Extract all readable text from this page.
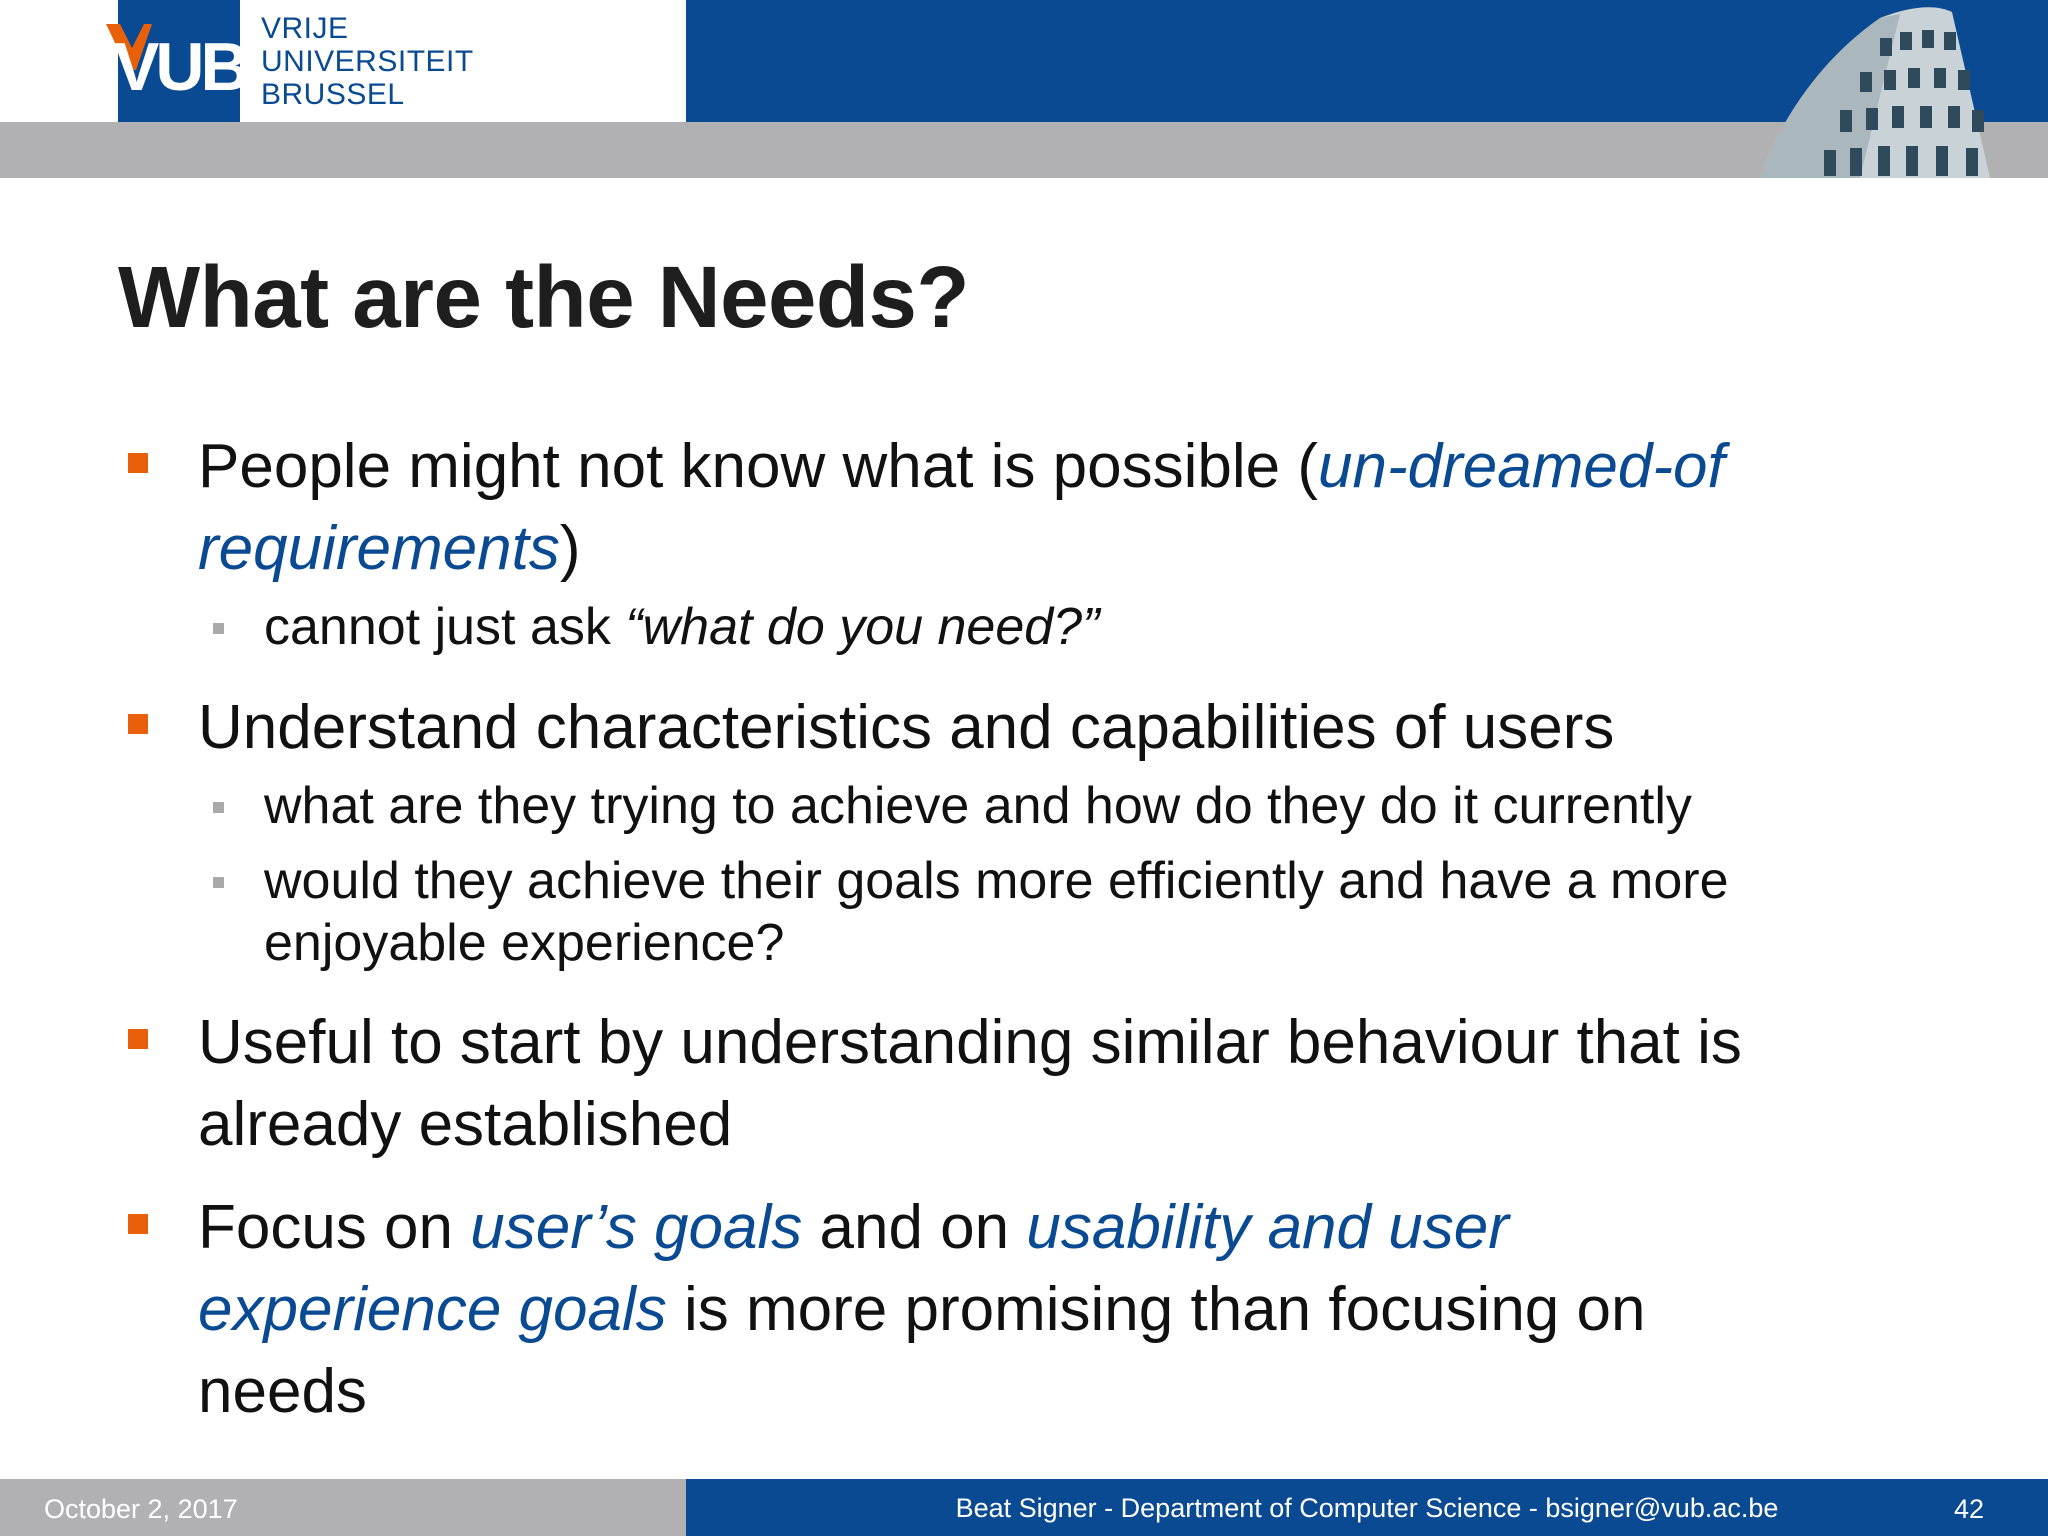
VUB
VRIJE
UNIVERSITEIT
BRUSSEL
What are the Needs?
People might not know what is possible (un-dreamed-of
requirements)
cannot just ask “what do you need?”
Understand characteristics and capabilities of users
what are they trying to achieve and how do they do it currently
would they achieve their goals more efficiently and have a more
enjoyable experience?
Useful to start by understanding similar behaviour that is
already established
Focus on user’s goals and on usability and user
experience goals is more promising than focusing on
needs
October 2, 2017	Beat Signer - Department of Computer Science - bsigner@vub.ac.be	42
